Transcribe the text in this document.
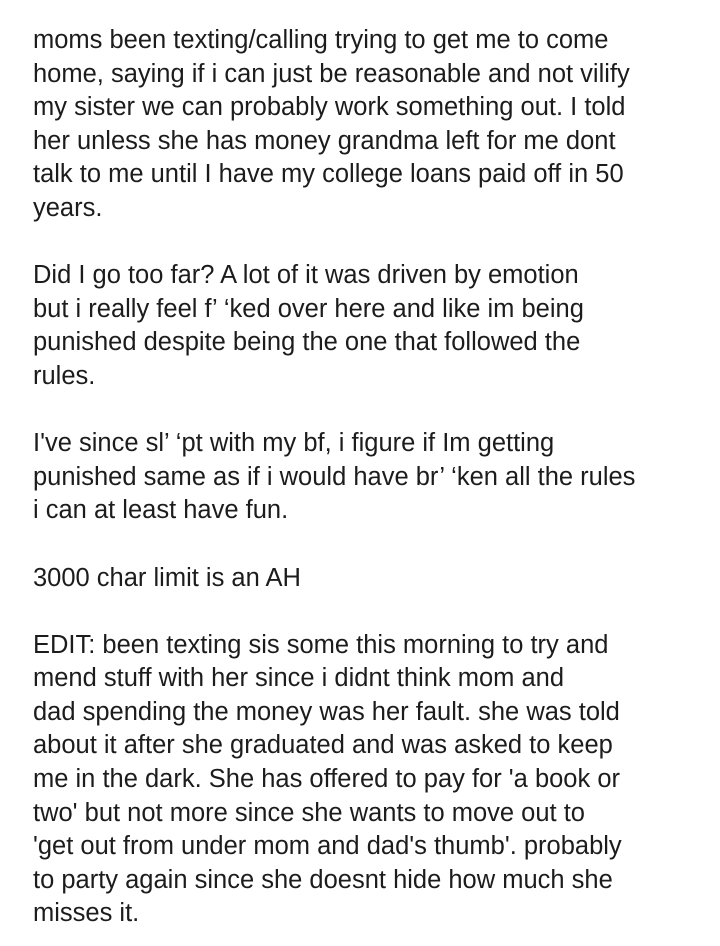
moms been texting/calling trying to get me to come
home, saying if i can just be reasonable and not vilify
my sister we can probably work something out. I told
her unless she has money grandma left for me dont
talk to me until I have my college loans paid off in 50
years.

Did I go too far? A lot of it was driven by emotion
but i really feel f’ ‘ked over here and like im being
punished despite being the one that followed the
rules.

I've since sl’ ‘pt with my bf, i figure if Im getting
punished same as if i would have br’ ‘ken all the rules
i can at least have fun.

3000 char limit is an AH

EDIT: been texting sis some this morning to try and
mend stuff with her since i didnt think mom and
dad spending the money was her fault. she was told
about it after she graduated and was asked to keep
me in the dark. She has offered to pay for 'a book or
two' but not more since she wants to move out to
'get out from under mom and dad's thumb'. probably
to party again since she doesnt hide how much she
misses it.
